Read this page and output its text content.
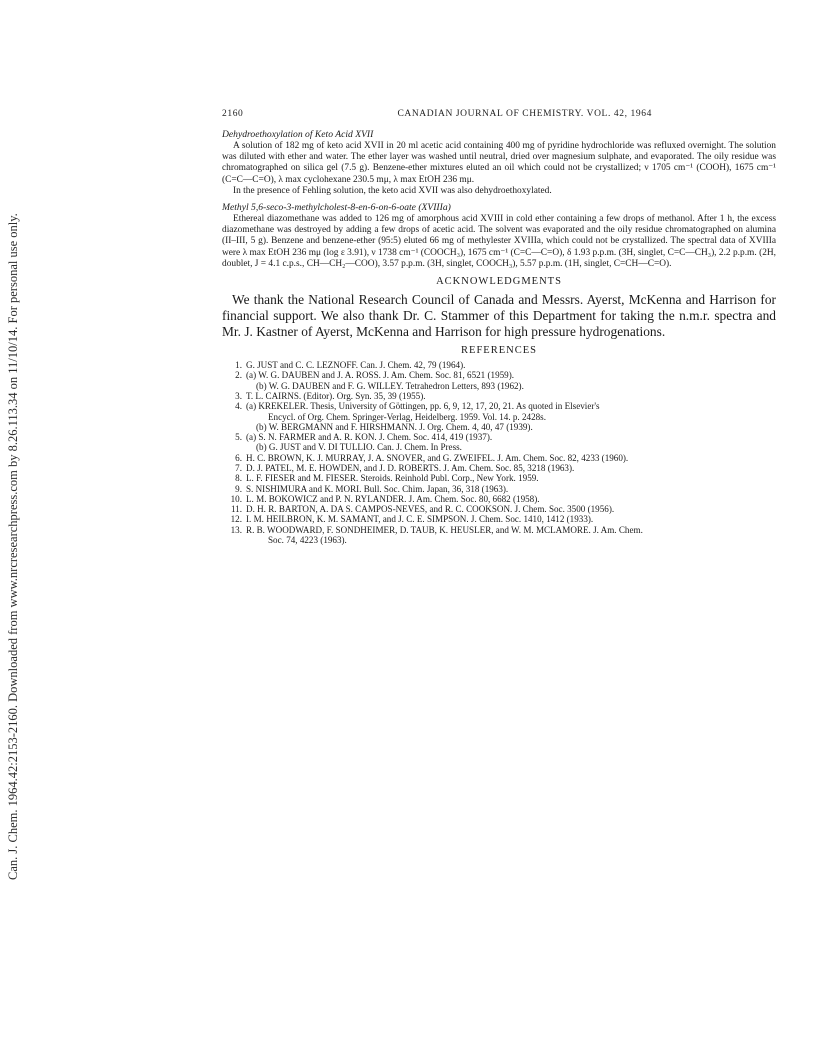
Can. J. Chem. 1964.42:2153-2160. Downloaded from www.nrcresearchpress.com by 8.26.113.34 on 11/10/14. For personal use only.
2160	CANADIAN JOURNAL OF CHEMISTRY. VOL. 42, 1964
Dehydroethoxylation of Keto Acid XVII

A solution of 182 mg of keto acid XVII in 20 ml acetic acid containing 400 mg of pyridine hydrochloride was refluxed overnight. The solution was diluted with ether and water. The ether layer was washed until neutral, dried over magnesium sulphate, and evaporated. The oily residue was chromatographed on silica gel (7.5 g). Benzene-ether mixtures eluted an oil which could not be crystallized; ν 1705 cm⁻¹ (COOH), 1675 cm⁻¹ (C=C—C=O), λ max cyclohexane 230.5 mμ, λ max EtOH 236 mμ.

In the presence of Fehling solution, the keto acid XVII was also dehydroethoxylated.

Methyl 5,6-seco-3-methylcholest-8-en-6-on-6-oate (XVIIIa)

Ethereal diazomethane was added to 126 mg of amorphous acid XVIII in cold ether containing a few drops of methanol. After 1 h, the excess diazomethane was destroyed by adding a few drops of acetic acid. The solvent was evaporated and the oily residue chromatographed on alumina (II–III, 5 g). Benzene and benzene-ether (95:5) eluted 66 mg of methylester XVIIIa, which could not be crystallized. The spectral data of XVIIIa were λ max EtOH 236 mμ (log ε 3.91), ν 1738 cm⁻¹ (COOCH₃), 1675 cm⁻¹ (C=C—C=O), δ 1.93 p.p.m. (3H, singlet, C=C—CH₃), 2.2 p.p.m. (2H, doublet, J = 4.1 c.p.s., CH—CH₂—COO), 3.57 p.p.m. (3H, singlet, COOCH₃), 5.57 p.p.m. (1H, singlet, C=CH—C=O).

ACKNOWLEDGMENTS

We thank the National Research Council of Canada and Messrs. Ayerst, McKenna and Harrison for financial support. We also thank Dr. C. Stammer of this Department for taking the n.m.r. spectra and Mr. J. Kastner of Ayerst, McKenna and Harrison for high pressure hydrogenations.

REFERENCES
1. G. JUST and C. C. LEZNOFF. Can. J. Chem. 42, 79 (1964).
2. (a) W. G. DAUBEN and J. A. ROSS. J. Am. Chem. Soc. 81, 6521 (1959).
(b) W. G. DAUBEN and F. G. WILLEY. Tetrahedron Letters, 893 (1962).
3. T. L. CAIRNS. (Editor). Org. Syn. 35, 39 (1955).
4. (a) KREKELER. Thesis, University of Göttingen, pp. 6, 9, 12, 17, 20, 21. As quoted in Elsevier's
Encycl. of Org. Chem. Springer-Verlag, Heidelberg. 1959. Vol. 14. p. 2428s.
(b) W. BERGMANN and F. HIRSHMANN. J. Org. Chem. 4, 40, 47 (1939).
5. (a) S. N. FARMER and A. R. KON. J. Chem. Soc. 414, 419 (1937).
(b) G. JUST and V. DI TULLIO. Can. J. Chem. In Press.
6. H. C. BROWN, K. J. MURRAY, J. A. SNOVER, and G. ZWEIFEL. J. Am. Chem. Soc. 82, 4233 (1960).
7. D. J. PATEL, M. E. HOWDEN, and J. D. ROBERTS. J. Am. Chem. Soc. 85, 3218 (1963).
8. L. F. FIESER and M. FIESER. Steroids. Reinhold Publ. Corp., New York. 1959.
9. S. NISHIMURA and K. MORI. Bull. Soc. Chim. Japan, 36, 318 (1963).
10. L. M. BOKOWICZ and P. N. RYLANDER. J. Am. Chem. Soc. 80, 6682 (1958).
11. D. H. R. BARTON, A. DA S. CAMPOS-NEVES, and R. C. COOKSON. J. Chem. Soc. 3500 (1956).
12. I. M. HEILBRON, K. M. SAMANT, and J. C. E. SIMPSON. J. Chem. Soc. 1410, 1412 (1933).
13. R. B. WOODWARD, F. SONDHEIMER, D. TAUB, K. HEUSLER, and W. M. MCLAMORE. J. Am. Chem.
Soc. 74, 4223 (1963).
